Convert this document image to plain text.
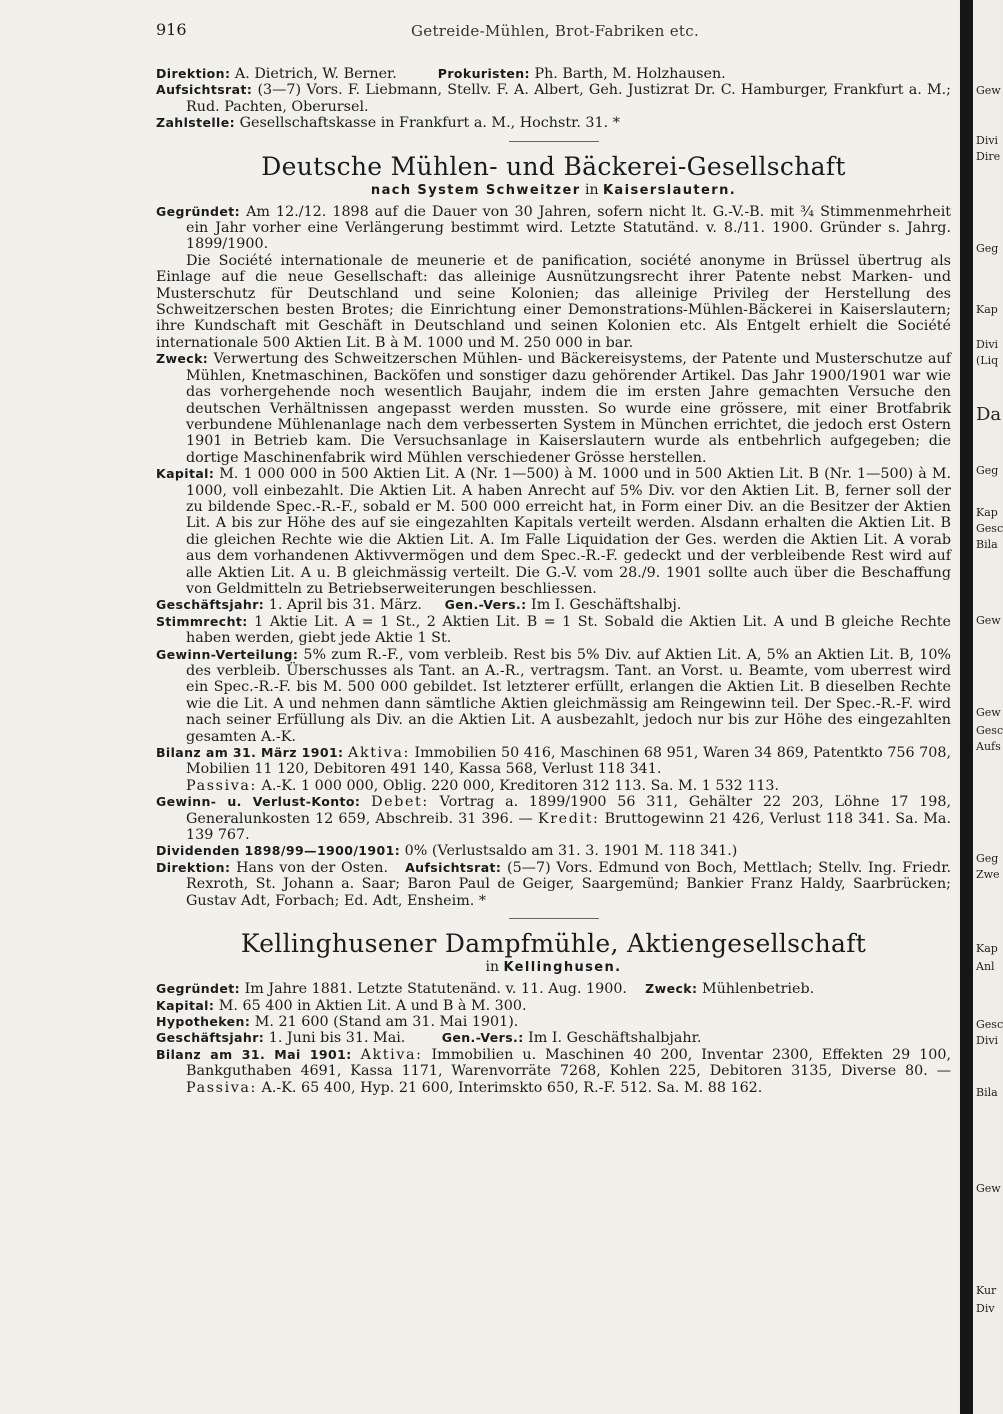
916	Getreide-Mühlen, Brot-Fabriken etc.

Direktion: A. Dietrich, W. Berner.	Prokuristen: Ph. Barth, M. Holzhausen.

Aufsichtsrat: (3—7) Vors. F. Liebmann, Stellv. F. A. Albert, Geh. Justizrat Dr. C. Hamburger, Frankfurt a. M.; Rud. Pachten, Oberursel.

Zahlstelle: Gesellschaftskasse in Frankfurt a. M., Hochstr. 31. *

Deutsche Mühlen- und Bäckerei-Gesellschaft

nach System Schweitzer in Kaiserslautern.

Gegründet: Am 12./12. 1898 auf die Dauer von 30 Jahren, sofern nicht lt. G.-V.-B. mit ¾ Stimmenmehrheit ein Jahr vorher eine Verlängerung bestimmt wird. Letzte Statutänd. v. 8./11. 1900. Gründer s. Jahrg. 1899/1900.

Die Société internationale de meunerie et de panification, société anonyme in Brüssel übertrug als Einlage auf die neue Gesellschaft: das alleinige Ausnützungsrecht ihrer Patente nebst Marken- und Musterschutz für Deutschland und seine Kolonien; das alleinige Privileg der Herstellung des Schweitzerschen besten Brotes; die Einrichtung einer Demonstrations-Mühlen-Bäckerei in Kaiserslautern; ihre Kundschaft mit Geschäft in Deutschland und seinen Kolonien etc. Als Entgelt erhielt die Société internationale 500 Aktien Lit. B à M. 1000 und M. 250 000 in bar.

Zweck: Verwertung des Schweitzerschen Mühlen- und Bäckereisystems, der Patente und Musterschutze auf Mühlen, Knetmaschinen, Backöfen und sonstiger dazu gehörender Artikel. Das Jahr 1900/1901 war wie das vorhergehende noch wesentlich Baujahr, indem die im ersten Jahre gemachten Versuche den deutschen Verhältnissen angepasst werden mussten. So wurde eine grössere, mit einer Brotfabrik verbundene Mühlenanlage nach dem verbesserten System in München errichtet, die jedoch erst Ostern 1901 in Betrieb kam. Die Versuchsanlage in Kaiserslautern wurde als entbehrlich aufgegeben; die dortige Maschinenfabrik wird Mühlen verschiedener Grösse herstellen.

Kapital: M. 1 000 000 in 500 Aktien Lit. A (Nr. 1—500) à M. 1000 und in 500 Aktien Lit. B (Nr. 1—500) à M. 1000, voll einbezahlt. Die Aktien Lit. A haben Anrecht auf 5% Div. vor den Aktien Lit. B, ferner soll der zu bildende Spec.-R.-F., sobald er M. 500 000 erreicht hat, in Form einer Div. an die Besitzer der Aktien Lit. A bis zur Höhe des auf sie eingezahlten Kapitals verteilt werden. Alsdann erhalten die Aktien Lit. B die gleichen Rechte wie die Aktien Lit. A. Im Falle Liquidation der Ges. werden die Aktien Lit. A vorab aus dem vorhandenen Aktivvermögen und dem Spec.-R.-F. gedeckt und der verbleibende Rest wird auf alle Aktien Lit. A u. B gleichmässig verteilt. Die G.-V. vom 28./9. 1901 sollte auch über die Beschaffung von Geldmitteln zu Betriebserweiterungen beschliessen.

Geschäftsjahr: 1. April bis 31. März. Gen.-Vers.: Im I. Geschäftshalbj.

Stimmrecht: 1 Aktie Lit. A = 1 St., 2 Aktien Lit. B = 1 St. Sobald die Aktien Lit. A und B gleiche Rechte haben werden, giebt jede Aktie 1 St.

Gewinn-Verteilung: 5% zum R.-F., vom verbleib. Rest bis 5% Div. auf Aktien Lit. A, 5% an Aktien Lit. B, 10% des verbleib. Überschusses als Tant. an A.-R., vertragsm. Tant. an Vorst. u. Beamte, vom uberrest wird ein Spec.-R.-F. bis M. 500 000 gebildet. Ist letzterer erfüllt, erlangen die Aktien Lit. B dieselben Rechte wie die Lit. A und nehmen dann sämtliche Aktien gleichmässig am Reingewinn teil. Der Spec.-R.-F. wird nach seiner Erfüllung als Div. an die Aktien Lit. A ausbezahlt, jedoch nur bis zur Höhe des eingezahlten gesamten A.-K.

Bilanz am 31. März 1901: Aktiva: Immobilien 50 416, Maschinen 68 951, Waren 34 869, Patentkto 756 708, Mobilien 11 120, Debitoren 491 140, Kassa 568, Verlust 118 341.

Passiva: A.-K. 1 000 000, Oblig. 220 000, Kreditoren 312 113. Sa. M. 1 532 113.

Gewinn- u. Verlust-Konto: Debet: Vortrag a. 1899/1900 56 311, Gehälter 22 203, Löhne 17 198, Generalunkosten 12 659, Abschreib. 31 396. — Kredit: Bruttogewinn 21 426, Verlust 118 341. Sa. Ma. 139 767.

Dividenden 1898/99—1900/1901: 0% (Verlustsaldo am 31. 3. 1901 M. 118 341.)

Direktion: Hans von der Osten. Aufsichtsrat: (5—7) Vors. Edmund von Boch, Mettlach; Stellv. Ing. Friedr. Rexroth, St. Johann a. Saar; Baron Paul de Geiger, Saargemünd; Bankier Franz Haldy, Saarbrücken; Gustav Adt, Forbach; Ed. Adt, Ensheim. *

Kellinghusener Dampfmühle, Aktiengesellschaft

in Kellinghusen.

Gegründet: Im Jahre 1881. Letzte Statutenänd. v. 11. Aug. 1900. Zweck: Mühlenbetrieb.

Kapital: M. 65 400 in Aktien Lit. A und B à M. 300.

Hypotheken: M. 21 600 (Stand am 31. Mai 1901).

Geschäftsjahr: 1. Juni bis 31. Mai.	Gen.-Vers.: Im I. Geschäftshalbjahr.

Bilanz am 31. Mai 1901: Aktiva: Immobilien u. Maschinen 40 200, Inventar 2300, Effekten 29 100, Bankguthaben 4691, Kassa 1171, Warenvorräte 7268, Kohlen 225, Debitoren 3135, Diverse 80. — Passiva: A.-K. 65 400, Hyp. 21 600, Interimskto 650, R.-F. 512. Sa. M. 88 162.

Gew
Divi
Dire
Geg
Kap
Divi
(Liq
Da
Geg
Kap
Gesc
Bila
Gew
Gew
Gesc
Aufs
Geg
Zwe
Kap
Anl
Gesc
Divi
Bila
Gew
Kur
Div
